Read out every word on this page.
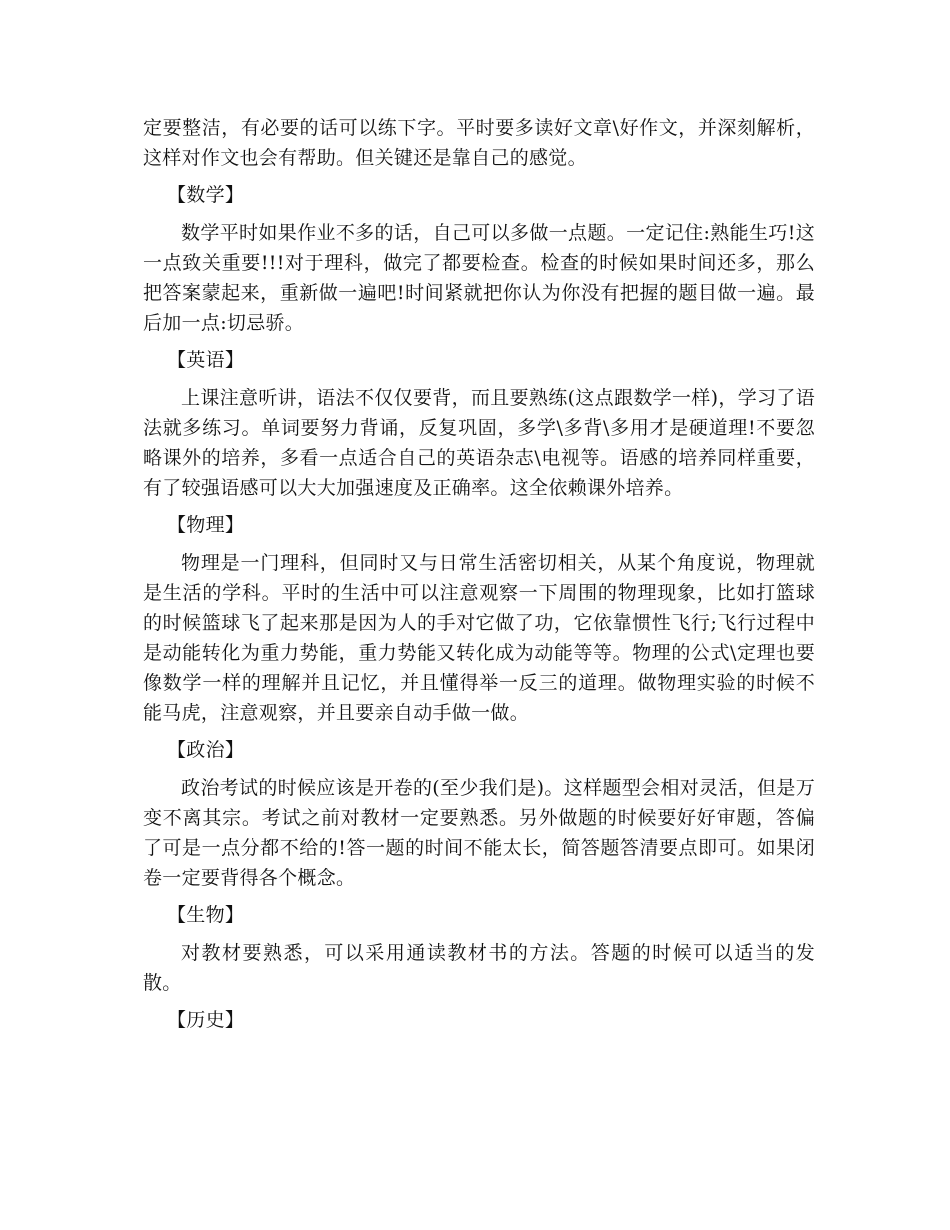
定要整洁，有必要的话可以练下字。平时要多读好文章\好作文，并深刻解析，这样对作文也会有帮助。但关键还是靠自己的感觉。

【数学】

数学平时如果作业不多的话，自己可以多做一点题。一定记住:熟能生巧!这一点致关重要!!!对于理科，做完了都要检查。检查的时候如果时间还多，那么把答案蒙起来，重新做一遍吧!时间紧就把你认为你没有把握的题目做一遍。最后加一点:切忌骄。

【英语】

上课注意听讲，语法不仅仅要背，而且要熟练(这点跟数学一样)，学习了语法就多练习。单词要努力背诵，反复巩固，多学\多背\多用才是硬道理!不要忽略课外的培养，多看一点适合自己的英语杂志\电视等。语感的培养同样重要，有了较强语感可以大大加强速度及正确率。这全依赖课外培养。

【物理】

物理是一门理科，但同时又与日常生活密切相关，从某个角度说，物理就是生活的学科。平时的生活中可以注意观察一下周围的物理现象，比如打篮球的时候篮球飞了起来那是因为人的手对它做了功，它依靠惯性飞行;飞行过程中是动能转化为重力势能，重力势能又转化成为动能等等。物理的公式\定理也要像数学一样的理解并且记忆，并且懂得举一反三的道理。做物理实验的时候不能马虎，注意观察，并且要亲自动手做一做。

【政治】

政治考试的时候应该是开卷的(至少我们是)。这样题型会相对灵活，但是万变不离其宗。考试之前对教材一定要熟悉。另外做题的时候要好好审题，答偏了可是一点分都不给的!答一题的时间不能太长，简答题答清要点即可。如果闭卷一定要背得各个概念。

【生物】

对教材要熟悉，可以采用通读教材书的方法。答题的时候可以适当的发散。

【历史】
